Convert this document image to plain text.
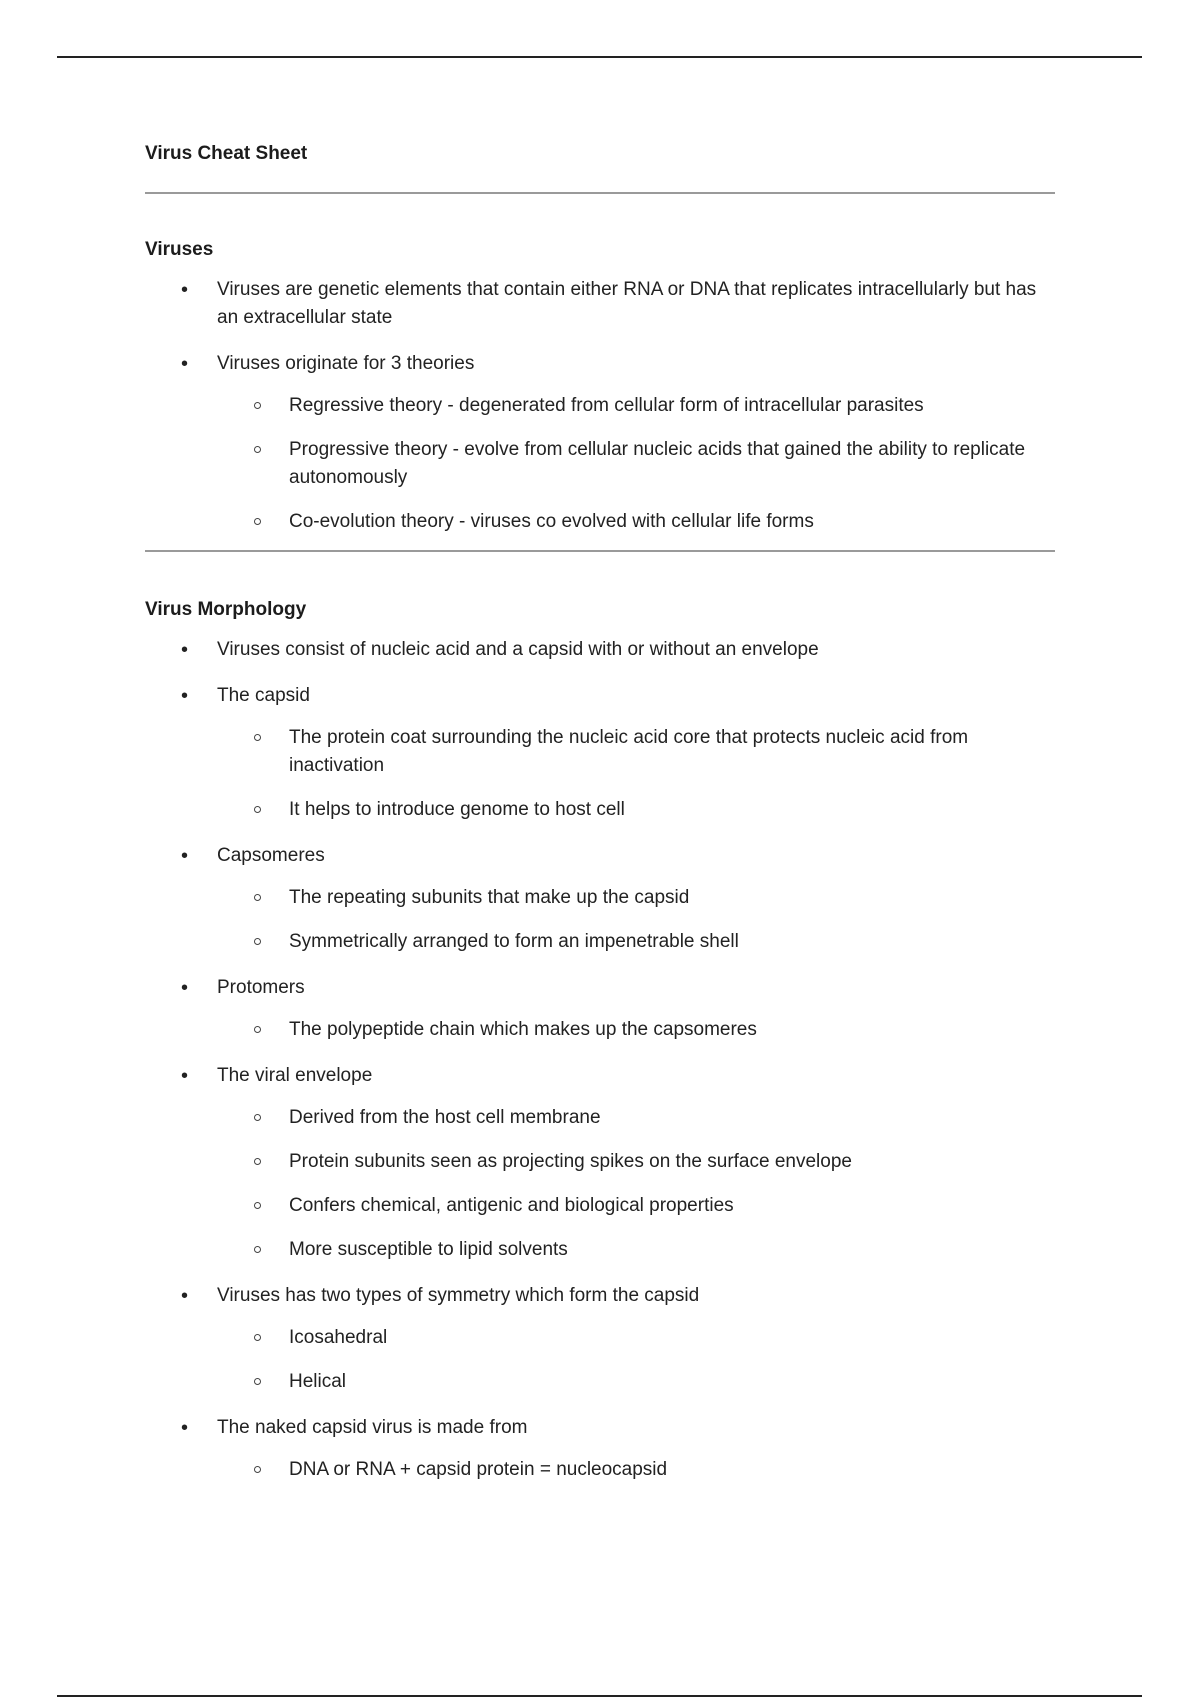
Virus Cheat Sheet
Viruses
• Viruses are genetic elements that contain either RNA or DNA that replicates intracellularly but has an extracellular state
• Viruses originate for 3 theories
Regressive theory - degenerated from cellular form of intracellular parasites
Progressive theory - evolve from cellular nucleic acids that gained the ability to replicate autonomously
Co-evolution theory - viruses co evolved with cellular life forms
Virus Morphology
• Viruses consist of nucleic acid and a capsid with or without an envelope
• The capsid
The protein coat surrounding the nucleic acid core that protects nucleic acid from inactivation
It helps to introduce genome to host cell
• Capsomeres
The repeating subunits that make up the capsid
Symmetrically arranged to form an impenetrable shell
• Protomers
The polypeptide chain which makes up the capsomeres
• The viral envelope
Derived from the host cell membrane
Protein subunits seen as projecting spikes on the surface envelope
Confers chemical, antigenic and biological properties
More susceptible to lipid solvents
• Viruses has two types of symmetry which form the capsid
Icosahedral
Helical
• The naked capsid virus is made from
DNA or RNA + capsid protein = nucleocapsid
